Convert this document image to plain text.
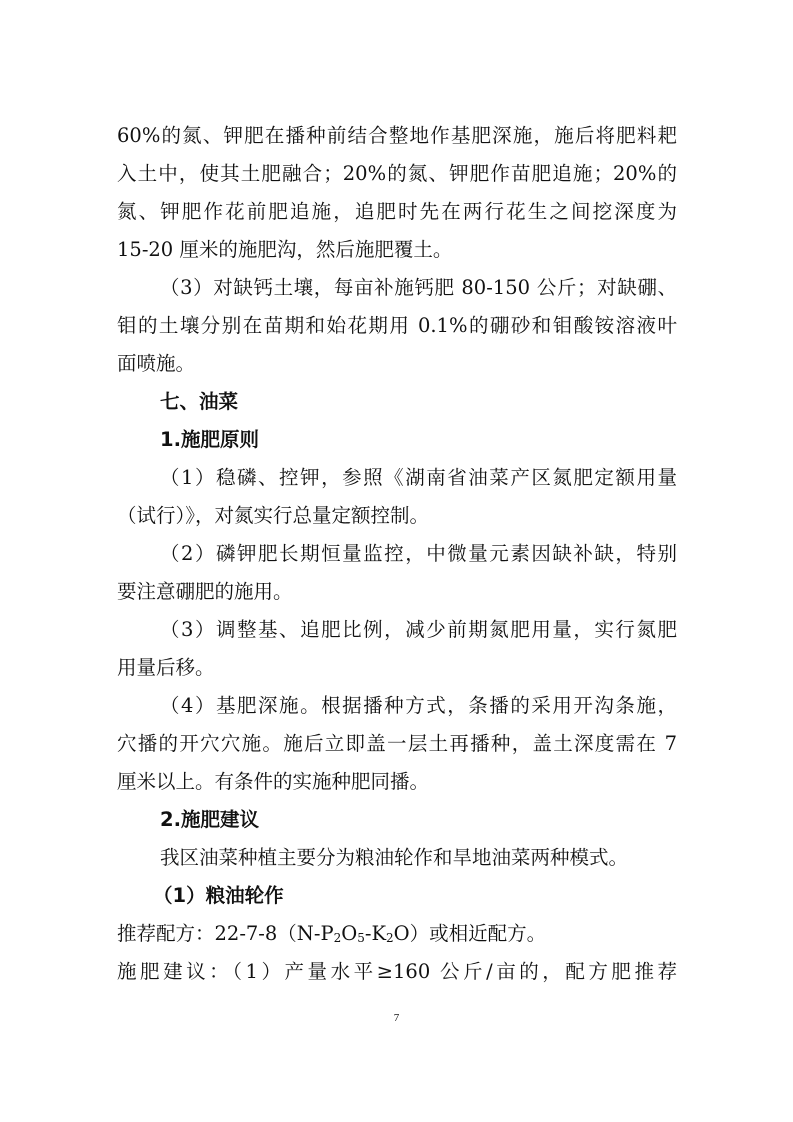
60%的氮、钾肥在播种前结合整地作基肥深施，施后将肥料耙
入土中，使其土肥融合；20%的氮、钾肥作苗肥追施；20%的
氮、钾肥作花前肥追施，追肥时先在两行花生之间挖深度为
15-20 厘米的施肥沟，然后施肥覆土。
（3）对缺钙土壤，每亩补施钙肥 80-150 公斤；对缺硼、
钼的土壤分别在苗期和始花期用 0.1%的硼砂和钼酸铵溶液叶
面喷施。
七、油菜
1.施肥原则
（1）稳磷、控钾，参照《湖南省油菜产区氮肥定额用量
（试行）》，对氮实行总量定额控制。
（2）磷钾肥长期恒量监控，中微量元素因缺补缺，特别
要注意硼肥的施用。
（3）调整基、追肥比例，减少前期氮肥用量，实行氮肥
用量后移。
（4）基肥深施。根据播种方式，条播的采用开沟条施，
穴播的开穴穴施。施后立即盖一层土再播种，盖土深度需在 7
厘米以上。有条件的实施种肥同播。
2.施肥建议
我区油菜种植主要分为粮油轮作和旱地油菜两种模式。
（1）粮油轮作
推荐配方：$22-7-8(N-P_2O_5-K_2O)$或相近配方。
施肥建议：（1）产量水平≥160 公斤/亩的，配方肥推荐
7
